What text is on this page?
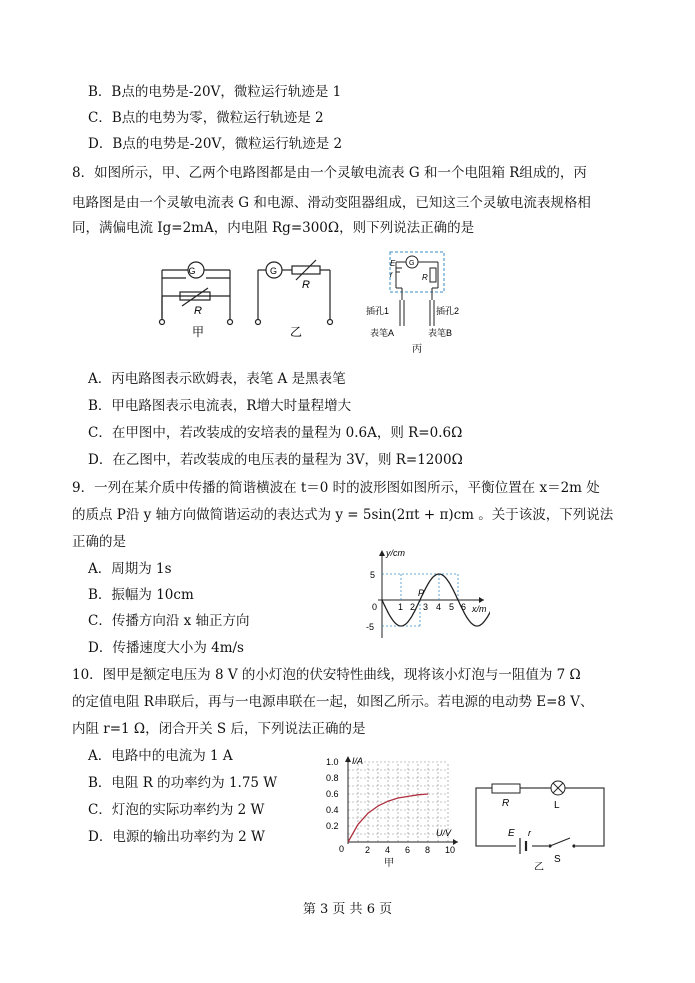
B．B点的电势是-20V，微粒运行轨迹是 1
C．B点的电势为零，微粒运行轨迹是 2
D．B点的电势是-20V，微粒运行轨迹是 2
8．如图所示，甲、乙两个电路图都是由一个灵敏电流表 G 和一个电阻箱 R组成的，丙
电路图是由一个灵敏电流表 G 和电源、滑动变阻器组成，已知这三个灵敏电流表规格相
同，满偏电流 Ig=2mA，内电阻 Rg=300Ω，则下列说法正确的是
G
R
甲
G
R
乙
E
r
G
R
插孔1	插孔2
表笔A	表笔B
丙
A．丙电路图表示欧姆表，表笔 A 是黑表笔
B．甲电路图表示电流表，R增大时量程增大
C．在甲图中，若改装成的安培表的量程为 0.6A，则 R=0.6Ω
D．在乙图中，若改装成的电压表的量程为 3V，则 R=1200Ω
9．一列在某介质中传播的简谐横波在 t＝0 时的波形图如图所示，平衡位置在 x＝2m 处
的质点 P沿 y 轴方向做简谐运动的表达式为 y = 5sin(2πt + π)cm 。关于该波，下列说法
正确的是
A．周期为 1s
B．振幅为 10cm
C．传播方向沿 x 轴正方向
D．传播速度大小为 4m/s
y/cm
x/m
5
-5
0 1 2 3 4 5 6
P
10．图甲是额定电压为 8 V 的小灯泡的伏安特性曲线，现将该小灯泡与一阻值为 7 Ω
的定值电阻 R串联后，再与一电源串联在一起，如图乙所示。若电源的电动势 E=8 V、
内阻 r=1 Ω，闭合开关 S 后，下列说法正确的是
A．电路中的电流为 1 A
B．电阻 R 的功率约为 1.75 W
C．灯泡的实际功率约为 2 W
D．电源的输出功率约为 2 W
2 4 6 8 10
0.2
0.4
0.6
0.8
1.0 I/A
U/V
0
甲
R	L
E r
S
乙
第 3 页 共 6 页
